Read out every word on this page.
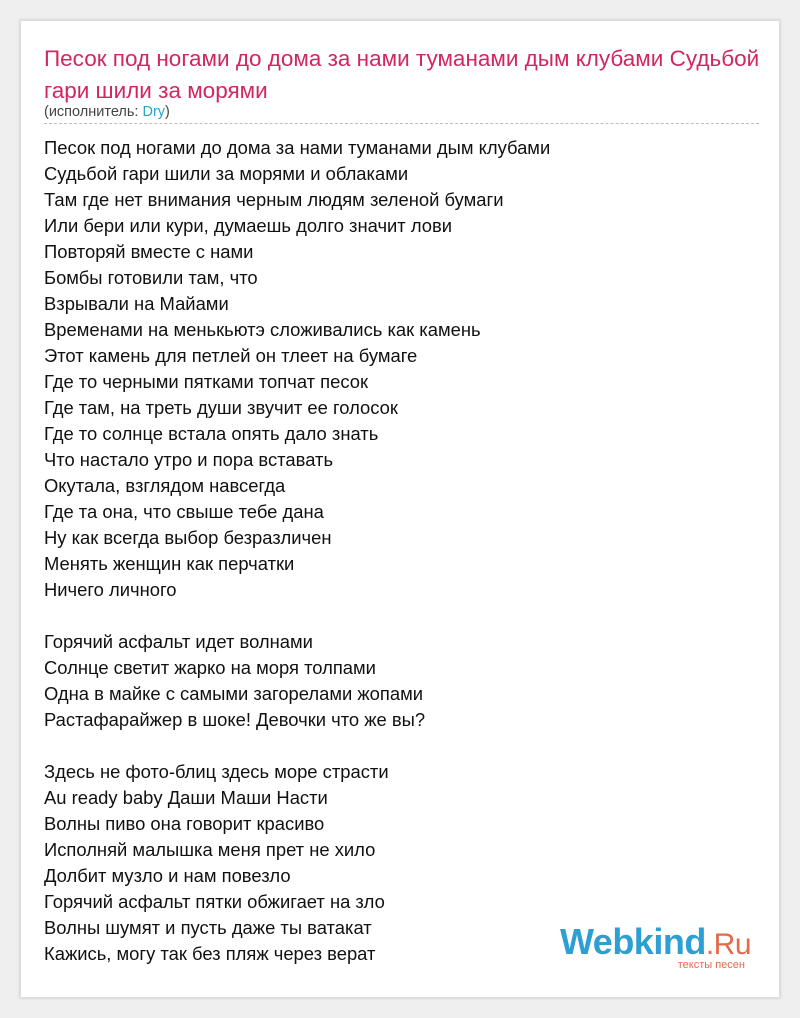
Песок под ногами до дома за нами туманами дым клубами Судьбой гари шили за морями
(исполнитель: Dry)
Песок под ногами до дома за нами туманами дым клубами
Судьбой гари шили за морями и облаками
Там где нет внимания черным людям зеленой бумаги
Или бери или кури, думаешь долго значит лови
Повторяй вместе с нами
Бомбы готовили там, что
Взрывали на Майами
Временами на менькьютэ сложивались как камень
Этот камень для петлей он тлеет на бумаге
Где то черными пятками топчат песок
Где там, на треть души звучит ее голосок
Где то солнце встала опять дало знать
Что настало утро и пора вставать
Окутала, взглядом навсегда
Где та она, что свыше тебе дана
Ну как всегда выбор безразличен
Менять женщин как перчатки
Ничего личного
Горячий асфальт идет волнами
Солнце светит жарко на моря толпами
Одна в майке с самыми загорелами жопами
Растафарайжер в шоке! Девочки что же вы?
Здесь не фото-блиц здесь море страсти
Au ready baby Даши Маши Насти
Волны пиво она говорит красиво
Исполняй малышка меня прет не хило
Долбит музло и нам повезло
Горячий асфальт пятки обжигает на зло
Волны шумят и пусть даже ты ватакат
Кажись, могу так без пляж через верат	Webkind.Ru
тексты песен
